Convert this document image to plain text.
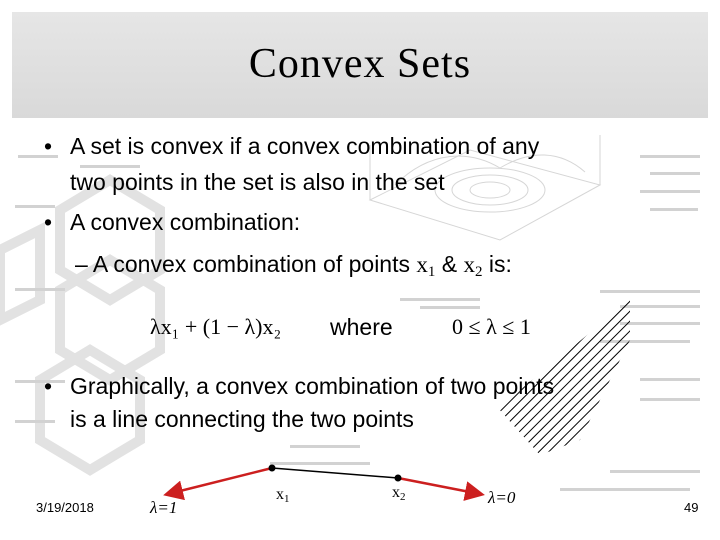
Convex Sets
• A set is convex if a convex combination of any
two points in the set is also in the set
• A convex combination:
– A convex combination of points $x_1$ & $x_2$ is:
λx₁ + (1 − λ)x₂ where	0 ≤ λ ≤ 1
• Graphically, a convex combination of two points
is a line connecting the two points
λ=1
$x_1$	$x_2$	λ=0
3/19/2018	49
